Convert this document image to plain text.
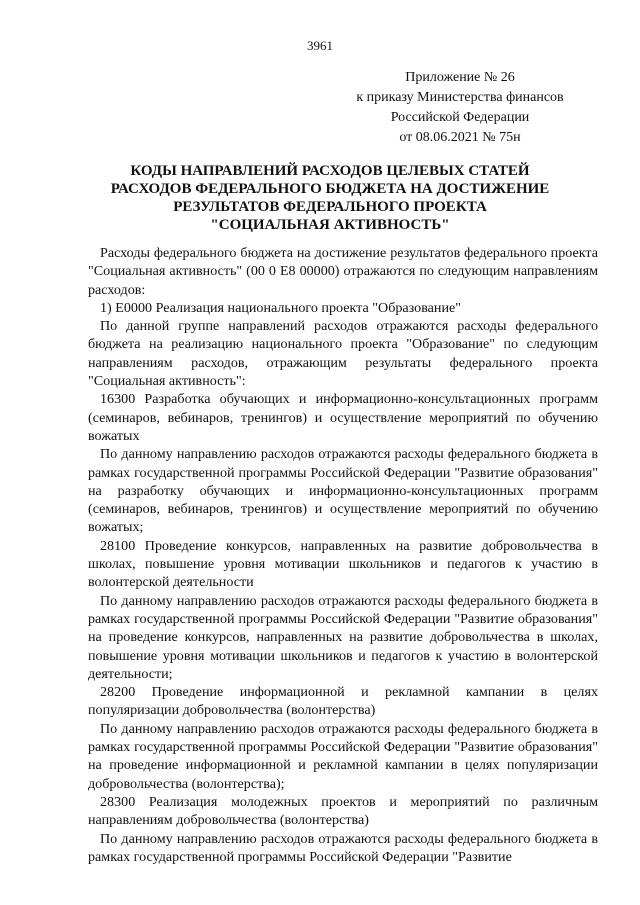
3961
Приложение № 26
к приказу Министерства финансов
Российской Федерации
от 08.06.2021 № 75н
КОДЫ НАПРАВЛЕНИЙ РАСХОДОВ ЦЕЛЕВЫХ СТАТЕЙ
РАСХОДОВ ФЕДЕРАЛЬНОГО БЮДЖЕТА НА ДОСТИЖЕНИЕ
РЕЗУЛЬТАТОВ ФЕДЕРАЛЬНОГО ПРОЕКТА
"СОЦИАЛЬНАЯ АКТИВНОСТЬ"

Расходы федерального бюджета на достижение результатов федерального проекта "Социальная активность" (00 0 Е8 00000) отражаются по следующим направлениям расходов:

1) Е0000 Реализация национального проекта "Образование"

По данной группе направлений расходов отражаются расходы федерального бюджета на реализацию национального проекта "Образование" по следующим направлениям расходов, отражающим результаты федерального проекта "Социальная активность":

16300 Разработка обучающих и информационно-консультационных программ (семинаров, вебинаров, тренингов) и осуществление мероприятий по обучению вожатых

По данному направлению расходов отражаются расходы федерального бюджета в рамках государственной программы Российской Федерации "Развитие образования" на разработку обучающих и информационно-консультационных программ (семинаров, вебинаров, тренингов) и осуществление мероприятий по обучению вожатых;

28100 Проведение конкурсов, направленных на развитие добровольчества в школах, повышение уровня мотивации школьников и педагогов к участию в волонтерской деятельности

По данному направлению расходов отражаются расходы федерального бюджета в рамках государственной программы Российской Федерации "Развитие образования" на проведение конкурсов, направленных на развитие добровольчества в школах, повышение уровня мотивации школьников и педагогов к участию в волонтерской деятельности;

28200 Проведение информационной и рекламной кампании в целях популяризации добровольчества (волонтерства)

По данному направлению расходов отражаются расходы федерального бюджета в рамках государственной программы Российской Федерации "Развитие образования" на проведение информационной и рекламной кампании в целях популяризации добровольчества (волонтерства);

28300 Реализация молодежных проектов и мероприятий по различным направлениям добровольчества (волонтерства)

По данному направлению расходов отражаются расходы федерального бюджета в рамках государственной программы Российской Федерации "Развитие
